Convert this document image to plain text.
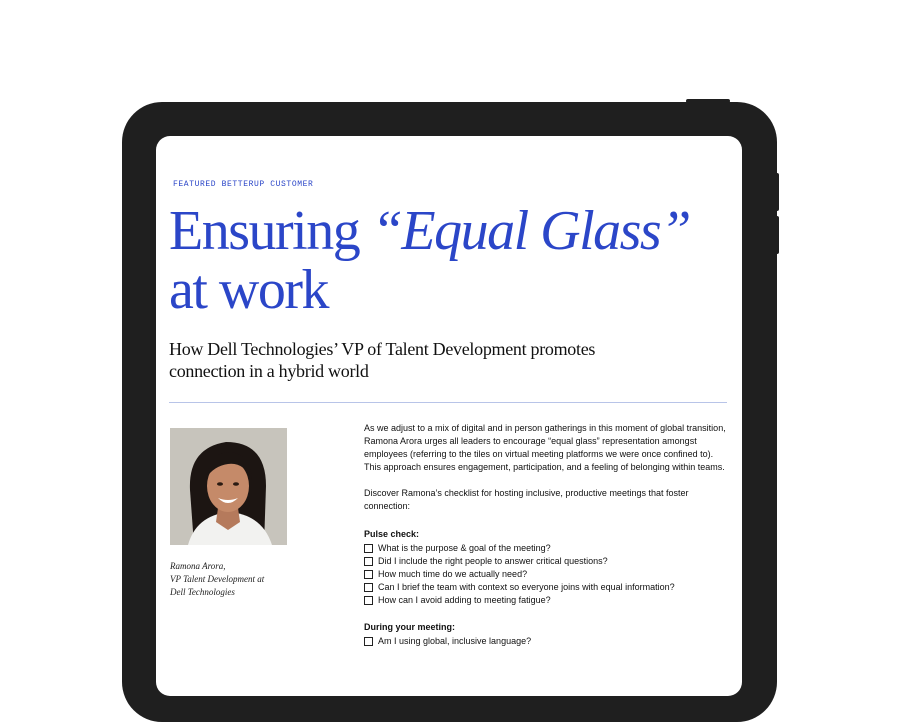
FEATURED BETTERUP CUSTOMER
Ensuring “Equal Glass”
at work

How Dell Technologies’ VP of Talent Development promotes connection in a hybrid world

Ramona Arora,
VP Talent Development at
Dell Technologies

As we adjust to a mix of digital and in person gatherings in this moment of global transition, Ramona Arora urges all leaders to encourage “equal glass” representation amongst employees (referring to the tiles on virtual meeting platforms we were once confined to). This approach ensures engagement, participation, and a feeling of belonging within teams.

Discover Ramona’s checklist for hosting inclusive, productive meetings that foster connection:

Pulse check:

What is the purpose & goal of the meeting?
Did I include the right people to answer critical questions?
How much time do we actually need?
Can I brief the team with context so everyone joins with equal information?
How can I avoid adding to meeting fatigue?

During your meeting:

Am I using global, inclusive language?
